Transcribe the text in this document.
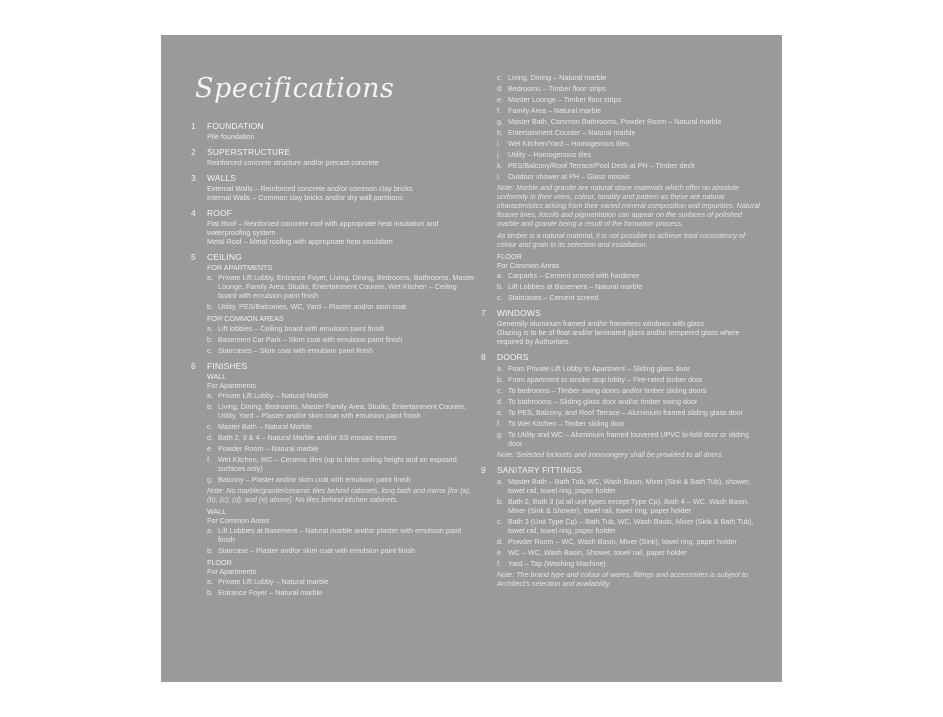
Specifications
1 FOUNDATION
Pile foundation
2 SUPERSTRUCTURE
Reinforced concrete structure and/or precast concrete
3 WALLS
External Walls – Reinforced concrete and/or common clay bricks
Internal Walls – Common clay bricks and/or dry wall partitions
4 ROOF
Flat Roof – Reinforced concrete roof with appropriate heat insulation and waterproofing system
Metal Roof – Metal roofing with appropriate heat insulation
5 CEILING
FOR APARTMENTS
a. Private Lift Lobby, Entrance Foyer, Living, Dining, Bedrooms, Bathrooms, Master Lounge, Family Area, Studio, Entertainment Counter, Wet Kitchen – Ceiling board with emulsion paint finish
b. Utility, PES/Balconies, WC, Yard – Plaster and/or skim coat
FOR COMMON AREAS
a. Lift lobbies – Ceiling board with emulsion paint finish
b. Basement Car Park – Skim coat with emulsion paint finish
c. Staircases – Skim coat with emulsion paint finish
6 FINISHES
WALL
For Apartments
a. Private Lift Lobby – Natural Marble
b. Living, Dining, Bedrooms, Master Family Area, Studio, Entertainment Counter, Utility, Yard – Plaster and/or skim coat with emulsion paint finish
c. Master Bath – Natural Marble
d. Bath 2, 3 & 4 – Natural Marble and/or SS mosaic inserts
e. Powder Room – Natural marble
f. Wet Kitchen, WC – Ceramic tiles (up to false ceiling height and on exposed surfaces only)
g. Balcony – Plaster and/or skim coat with emulsion paint finish
Note: No marble/granite/ceramic tiles behind cabinets, long bath and mirror [for (a), (b), (c), (d), and (e) above]. No tiles behind kitchen cabinets.
WALL
For Common Areas
a. Lift Lobbies at Basement – Natural marble and/or plaster with emulsion paint finish
b. Staircase – Plaster and/or skim coat with emulsion paint finish
FLOOR
For Apartments
a. Private Lift Lobby – Natural marble
b. Entrance Foyer – Natural marble
c. Living, Dining – Natural marble
d. Bedrooms – Timber floor strips
e. Master Lounge – Timber floor strips
f. Family Area – Natural marble
g. Master Bath, Common Bathrooms, Powder Room – Natural marble
h. Entertainment Counter – Natural marble
i. Wet Kitchen/Yard – Homogenous tiles
j. Utility – Homogenous tiles
k. PES/Balcony/Roof Terrace/Pool Deck at PH – Timber deck
l. Outdoor shower at PH – Glass mosaic
Note: Marble and granite are natural stone materials which offer no absolute uniformity in their veins, colour, tonality and pattern as these are natural characteristics arising from their varied mineral composition and impurities. Natural fissure lines, fossils and pigmentation can appear on the surfaces of polished marble and granite being a result of the formation process.
As timber is a natural material, it is not possible to achieve total consistency of colour and grain in its selection and installation.
FLOOR
For Common Areas
a. Carparks – Cement screed with hardener
b. Lift Lobbies at Basement – Natural marble
c. Staircases – Cement screed
7 WINDOWS
Generally aluminum framed and/or frameless windows with glass
Glazing is to be of float and/or laminated glass and/or tempered glass where required by Authorities.
8 DOORS
a. From Private Lift Lobby to Apartment – Sliding glass door
b. From apartment to smoke stop lobby – Fire-rated timber door
c. To bedrooms – Timber swing doors and/or timber sliding doors
d. To bathrooms – Sliding glass door and/or timber swing door
e. To PES, Balcony, and Roof Terrace – Aluminium framed sliding glass door
f. To Wet Kitchen – Timber sliding door
g. To Utility and WC – Aluminium framed louvered UPVC bi-fold door or sliding door
Note: Selected locksets and ironmongery shall be provided to all doors.
9 SANITARY FITTINGS
a. Master Bath – Bath Tub, WC, Wash Basin, Mixer (Sink & Bath Tub), shower, towel rail, towel ring, paper holder
b. Bath 2, Bath 3 (at all unit types except Type Cp), Bath 4 – WC, Wash Basin, Mixer (Sink & Shower), towel rail, towel ring, paper holder
c. Bath 3 (Unit Type Cp) – Bath Tub, WC, Wash Basin, Mixer (Sink & Bath Tub), towel rail, towel ring, paper holder
d. Powder Room – WC, Wash Basin, Mixer (Sink), towel ring, paper holder
e. WC – WC, Wash Basin, Shower, towel rail, paper holder
f. Yard – Tap (Washing Machine)
Note: The brand type and colour of wares, fittings and accessories is subject to Architect's selection and availability.
